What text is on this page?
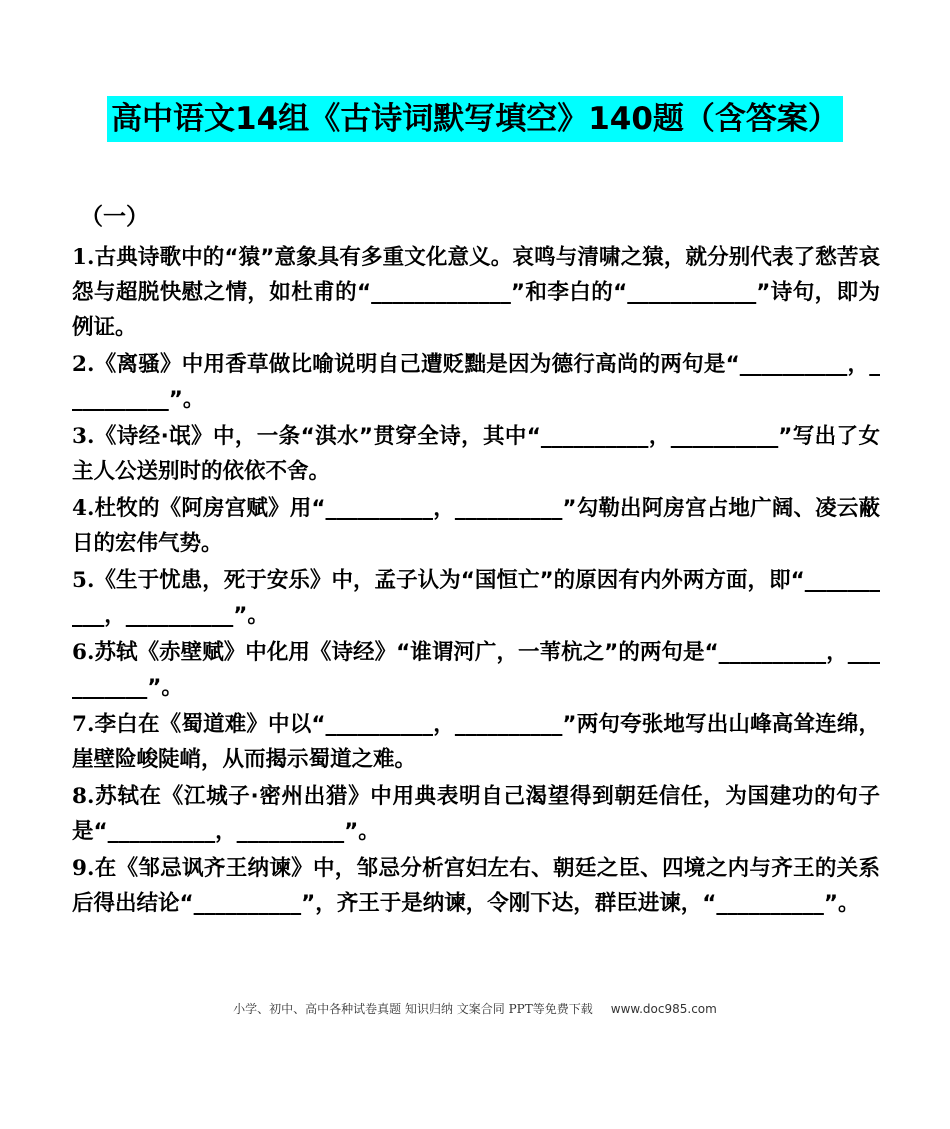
高中语文14组《古诗词默写填空》140题（含答案）
（一）

1.古典诗歌中的“猿”意象具有多重文化意义。哀鸣与清啸之猿，就分别代表了愁苦哀怨与超脱快慰之情，如杜甫的“_____________”和李白的“____________”诗句，即为例证。

2.《离骚》中用香草做比喻说明自己遭贬黜是因为德行高尚的两句是“__________，__________”。

3.《诗经·氓》中，一条“淇水”贯穿全诗，其中“__________，__________”写出了女主人公送别时的依依不舍。

4.杜牧的《阿房宫赋》用“__________，__________”勾勒出阿房宫占地广阔、凌云蔽日的宏伟气势。

5.《生于忧患，死于安乐》中，孟子认为“国恒亡”的原因有内外两方面，即“__________，__________”。

6.苏轼《赤壁赋》中化用《诗经》“谁谓河广，一苇杭之”的两句是“__________，__________”。

7.李白在《蜀道难》中以“__________，__________”两句夸张地写出山峰高耸连绵，崖壁险峻陡峭，从而揭示蜀道之难。

8.苏轼在《江城子·密州出猎》中用典表明自己渴望得到朝廷信任，为国建功的句子是“__________，__________”。

9.在《邹忌讽齐王纳谏》中，邹忌分析宫妇左右、朝廷之臣、四境之内与齐王的关系后得出结论“__________”，齐王于是纳谏，令刚下达，群臣进谏，“__________”。

小学、初中、高中各种试卷真题 知识归纳 文案合同 PPT等免费下载 www.doc985.com
